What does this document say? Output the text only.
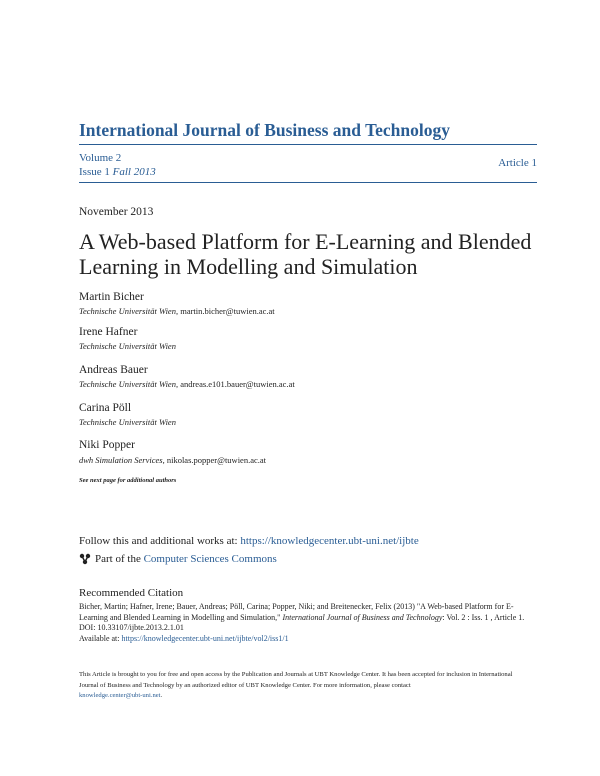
International Journal of Business and Technology
Volume 2
Issue 1 Fall 2013
Article 1
November 2013
A Web-based Platform for E-Learning and Blended
Learning in Modelling and Simulation
Martin Bicher
Technische Universität Wien, martin.bicher@tuwien.ac.at
Irene Hafner
Technische Universität Wien
Andreas Bauer
Technische Universität Wien, andreas.e101.bauer@tuwien.ac.at
Carina Pöll
Technische Universität Wien
Niki Popper
dwh Simulation Services, nikolas.popper@tuwien.ac.at
See next page for additional authors
Follow this and additional works at: https://knowledgecenter.ubt-uni.net/ijbte
Part of the
Computer Sciences Commons
Recommended Citation
Bicher, Martin; Hafner, Irene; Bauer, Andreas; Pöll, Carina; Popper, Niki; and Breitenecker, Felix (2013) "A Web-based Platform for E-Learning and Blended Learning in Modelling and Simulation," International Journal of Business and Technology: Vol. 2 : Iss. 1 , Article 1.
DOI: 10.33107/ijbte.2013.2.1.01
Available at: https://knowledgecenter.ubt-uni.net/ijbte/vol2/iss1/1
This Article is brought to you for free and open access by the Publication and Journals at UBT Knowledge Center. It has been accepted for inclusion in International Journal of Business and Technology by an authorized editor of UBT Knowledge Center. For more information, please contact
knowledge.center@ubt-uni.net.
